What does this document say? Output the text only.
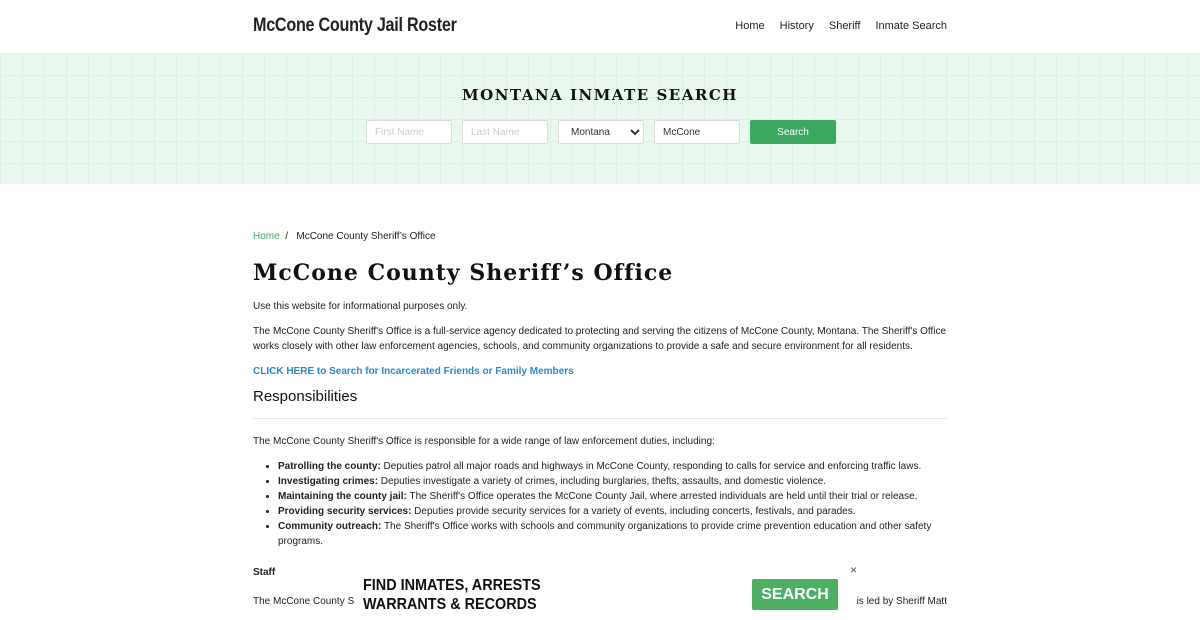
McCone County Jail Roster	Home History Sheriff Inmate Search
MONTANA INMATE SEARCH
First Name
Last Name
Montana
McCone
Search
Home / McCone County Sheriff’s Office
McCone County Sheriff’s Office

Use this website for informational purposes only.

The McCone County Sheriff's Office is a full-service agency dedicated to protecting and serving the citizens of McCone County, Montana. The Sheriff's Office works closely with other law enforcement agencies, schools, and community organizations to provide a safe and secure environment for all residents.

CLICK HERE to Search for Incarcerated Friends or Family Members

Responsibilities

The McCone County Sheriff's Office is responsible for a wide range of law enforcement duties, including:

• Patrolling the county: Deputies patrol all major roads and highways in McCone County, responding to calls for service and enforcing traffic laws.
• Investigating crimes: Deputies investigate a variety of crimes, including burglaries, thefts, assaults, and domestic violence.
• Maintaining the county jail: The Sheriff's Office operates the McCone County Jail, where arrested individuals are held until their trial or release.
• Providing security services: Deputies provide security services for a variety of events, including concerts, festivals, and parades.
• Community outreach: The Sheriff's Office works with schools and community organizations to provide crime prevention education and other safety programs.

Staff

The McCone County S	is led by Sheriff Matt

FIND INMATES, ARRESTS
WARRANTS & RECORDS
SEARCH
×
